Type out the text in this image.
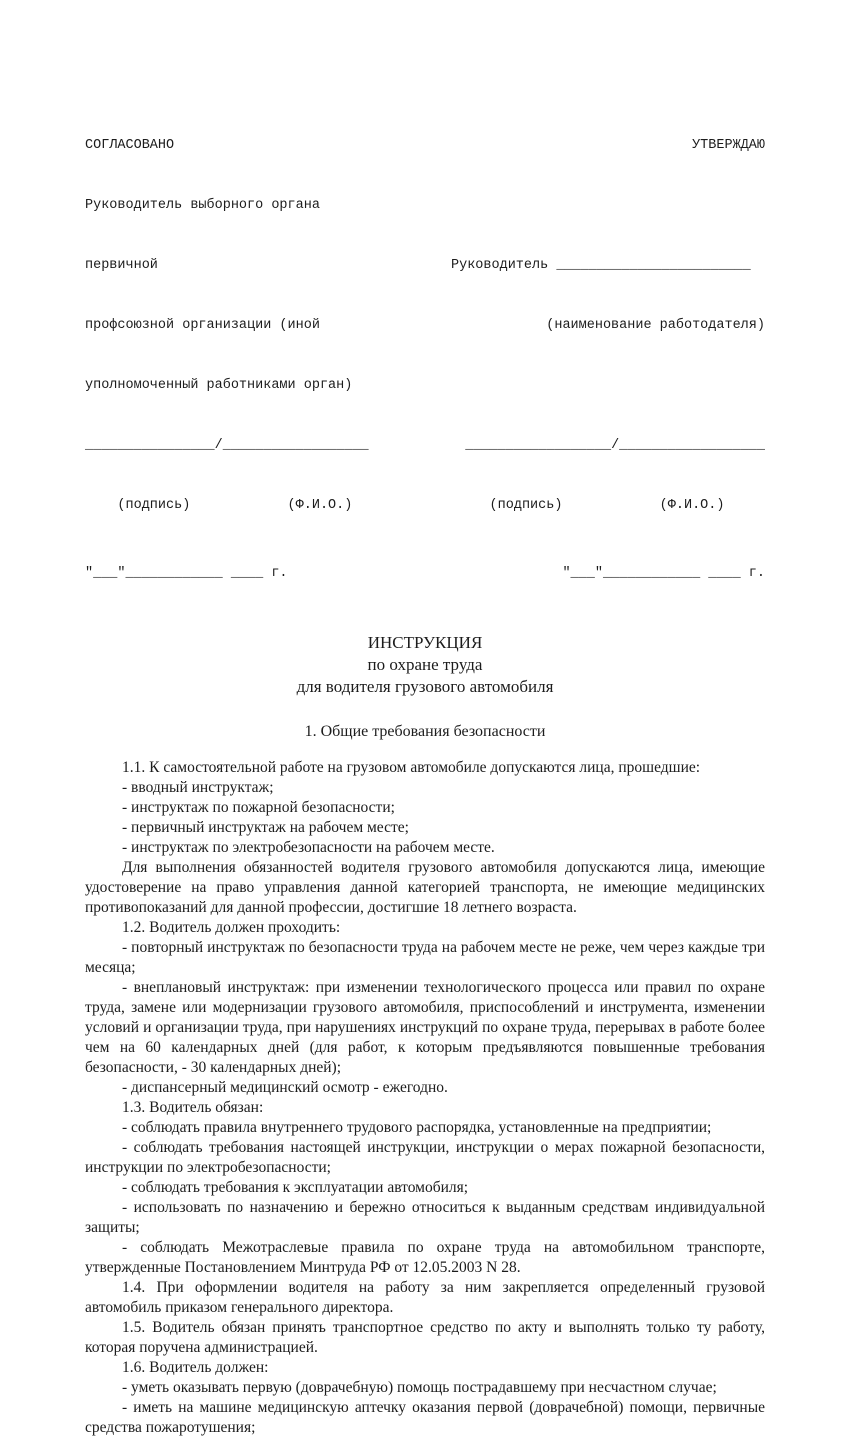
СОГЛАСОВАНО

Руководитель выборного органа

первичной

профсоюзной организации (иной

уполномоченный работниками орган)

________________/__________________

(подпись)            (Ф.И.О.)

"___"____________ ____ г.

УТВЕРЖДАЮ

Руководитель ________________________

(наименование работодателя)

__________________/__________________

(подпись)            (Ф.И.О.)

"___"____________ ____ г.

ИНСТРУКЦИЯ
по охране труда
для водителя грузового автомобиля
1. Общие требования безопасности

1.1. К самостоятельной работе на грузовом автомобиле допускаются лица, прошедшие:

- вводный инструктаж;

- инструктаж по пожарной безопасности;

- первичный инструктаж на рабочем месте;

- инструктаж по электробезопасности на рабочем месте.

Для выполнения обязанностей водителя грузового автомобиля допускаются лица, имеющие удостоверение на право управления данной категорией транспорта, не имеющие медицинских противопоказаний для данной профессии, достигшие 18 летнего возраста.

1.2. Водитель должен проходить:

- повторный инструктаж по безопасности труда на рабочем месте не реже, чем через каждые три месяца;

- внеплановый инструктаж: при изменении технологического процесса или правил по охране труда, замене или модернизации грузового автомобиля, приспособлений и инструмента, изменении условий и организации труда, при нарушениях инструкций по охране труда, перерывах в работе более чем на 60 календарных дней (для работ, к которым предъявляются повышенные требования безопасности, - 30 календарных дней);

- диспансерный медицинский осмотр - ежегодно.

1.3. Водитель обязан:

- соблюдать правила внутреннего трудового распорядка, установленные на предприятии;

- соблюдать требования настоящей инструкции, инструкции о мерах пожарной безопасности, инструкции по электробезопасности;

- соблюдать требования к эксплуатации автомобиля;

- использовать по назначению и бережно относиться к выданным средствам индивидуальной защиты;

- соблюдать Межотраслевые правила по охране труда на автомобильном транспорте, утвержденные Постановлением Минтруда РФ от 12.05.2003 N 28.

1.4. При оформлении водителя на работу за ним закрепляется определенный грузовой автомобиль приказом генерального директора.

1.5. Водитель обязан принять транспортное средство по акту и выполнять только ту работу, которая поручена администрацией.

1.6. Водитель должен:

- уметь оказывать первую (доврачебную) помощь пострадавшему при несчастном случае;

- иметь на машине медицинскую аптечку оказания первой (доврачебной) помощи, первичные средства пожаротушения;
